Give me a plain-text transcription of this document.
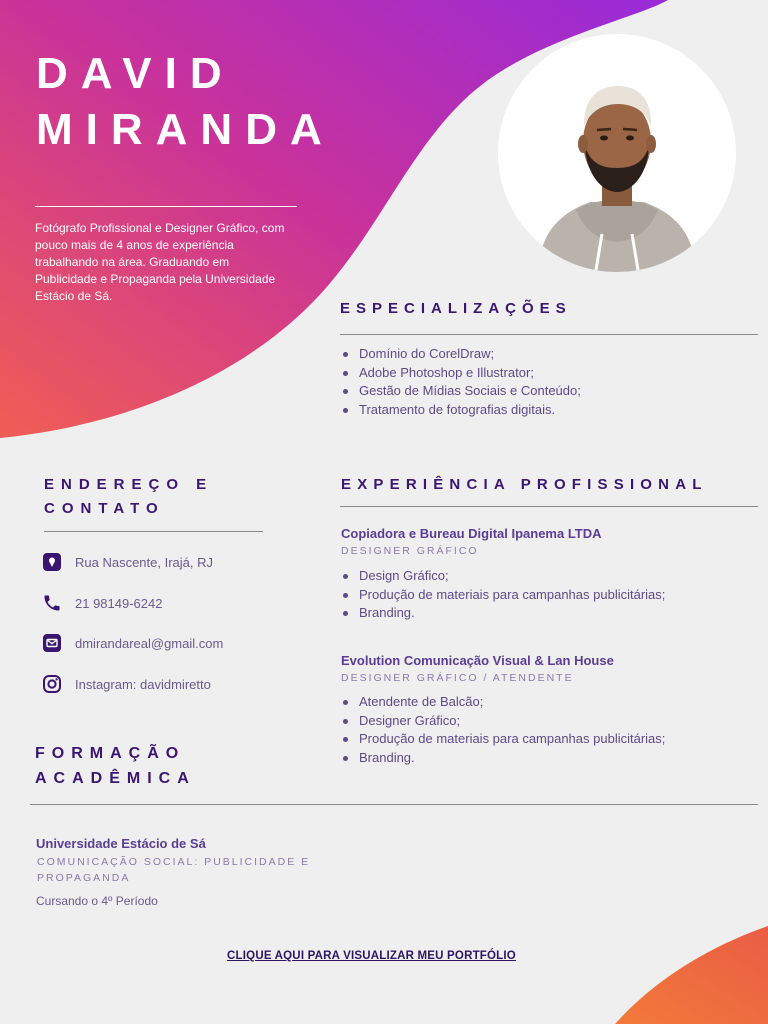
DAVID
MIRANDA
Fotógrafo Profissional e Designer Gráfico, com pouco mais de 4 anos de experiência trabalhando na área. Graduando em Publicidade e Propaganda pela Universidade Estácio de Sá.
ESPECIALIZAÇÕES
Domínio do CorelDraw;
Adobe Photoshop e Illustrator;
Gestão de Mídias Sociais e Conteúdo;
Tratamento de fotografias digitais.
ENDEREÇO E
CONTATO
Rua Nascente, Irajá, RJ
21 98149-6242
dmirandareal@gmail.com
Instagram: davidmiretto
EXPERIÊNCIA PROFISSIONAL
Copiadora e Bureau Digital Ipanema LTDA
DESIGNER GRÁFICO
Design Gráfico;
Produção de materiais para campanhas publicitárias;
Branding.
Evolution Comunicação Visual & Lan House
DESIGNER GRÁFICO / ATENDENTE
Atendente de Balcão;
Designer Gráfico;
Produção de materiais para campanhas publicitárias;
Branding.
FORMAÇÃO
ACADÊMICA
Universidade Estácio de Sá
COMUNICAÇÃO SOCIAL: PUBLICIDADE E PROPAGANDA
Cursando o 4º Período
CLIQUE AQUI PARA VISUALIZAR MEU PORTFÓLIO
